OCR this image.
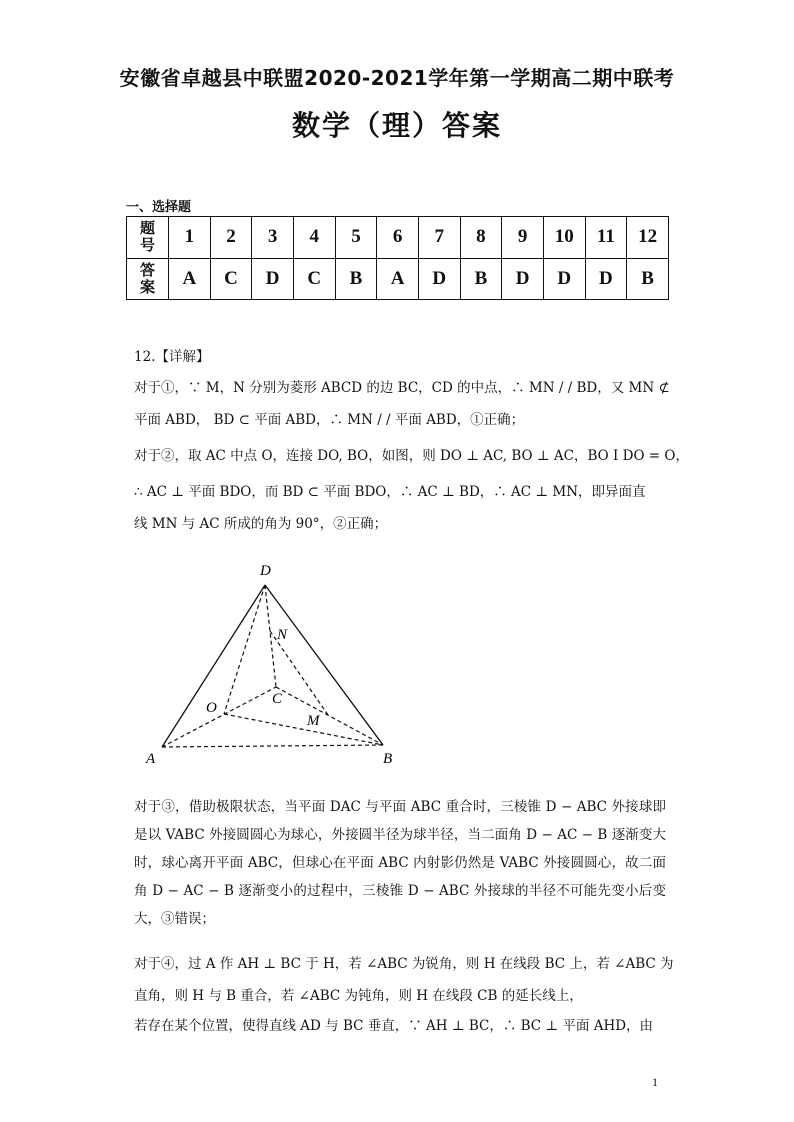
安徽省卓越县中联盟2020-2021学年第一学期高二期中联考
数学（理）答案
一、选择题
题号	1	2	3	4	5	6	7	8	9	10	11	12
答案	A	C	D	C	B	A	D	B	D	D	D	B
12.【详解】
对于①，∵ M，N 分别为菱形 ABCD 的边 BC，CD 的中点，∴ MN / / BD，又 MN ⊄
平面 ABD， BD ⊂ 平面 ABD，∴ MN / / 平面 ABD，①正确；
对于②，取 AC 中点 O，连接 DO, BO，如图，则 DO ⊥ AC, BO ⊥ AC，BO I DO = O，
∴ AC ⊥ 平面 BDO，而 BD ⊂ 平面 BDO，∴ AC ⊥ BD，∴ AC ⊥ MN，即异面直
线 MN 与 AC 所成的角为 90°，②正确；
D
N
C
O
M
A	B
对于③，借助极限状态，当平面 DAC 与平面 ABC 重合时，三棱锥 D − ABC 外接球即是以 VABC 外接圆圆心为球心，外接圆半径为球半径，当二面角 D − AC − B 逐渐变大时，球心离开平面 ABC，但球心在平面 ABC 内射影仍然是 VABC 外接圆圆心，故二面角 D − AC − B 逐渐变小的过程中，三棱锥 D − ABC 外接球的半径不可能先变小后变大，③错误；
对于④，过 A 作 AH ⊥ BC 于 H，若 ∠ABC 为锐角，则 H 在线段 BC 上，若 ∠ABC 为
直角，则 H 与 B 重合，若 ∠ABC 为钝角，则 H 在线段 CB 的延长线上，
若存在某个位置，使得直线 AD 与 BC 垂直，∵ AH ⊥ BC，∴ BC ⊥ 平面 AHD，由
1
